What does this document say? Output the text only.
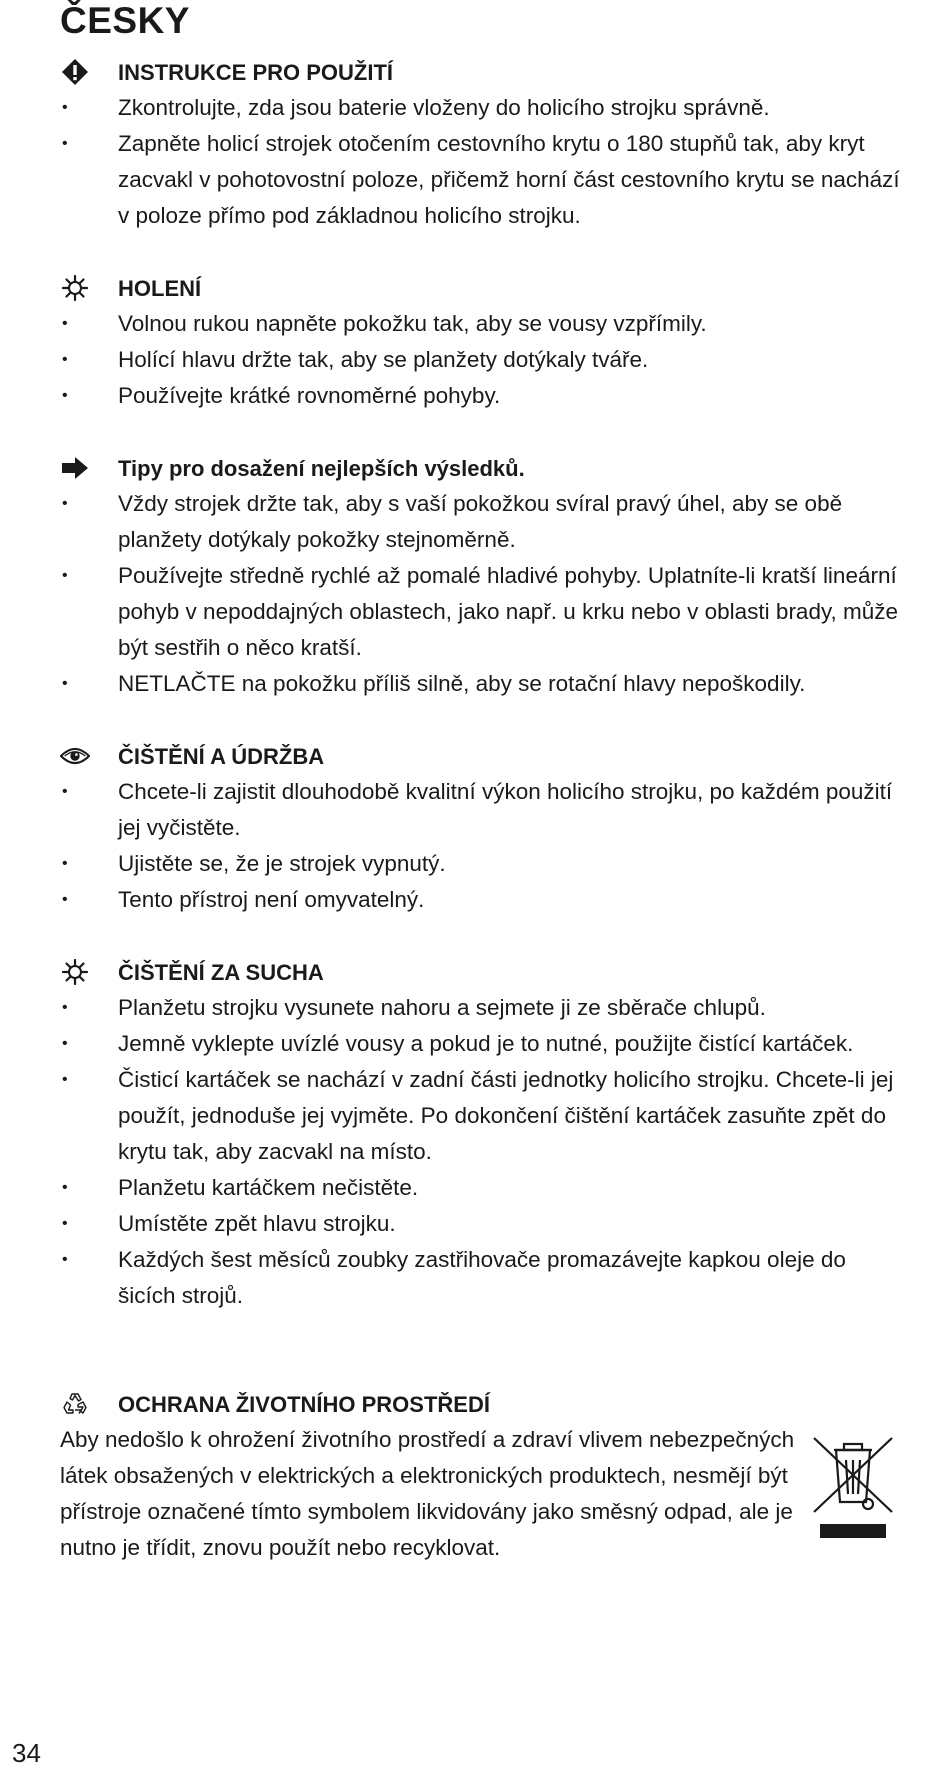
ČESKY
INSTRUKCE PRO POUŽITÍ
• Zkontrolujte, zda jsou baterie vloženy do holicího strojku správně.
• Zapněte holicí strojek otočením cestovního krytu o 180 stupňů tak, aby kryt zacvakl v pohotovostní poloze, přičemž horní část cestovního krytu se nachází v poloze přímo pod základnou holicího strojku.
HOLENÍ
• Volnou rukou napněte pokožku tak, aby se vousy vzpřímily.
• Holící hlavu držte tak, aby se planžety dotýkaly tváře.
• Používejte krátké rovnoměrné pohyby.
Tipy pro dosažení nejlepších výsledků.
• Vždy strojek držte tak, aby s vaší pokožkou svíral pravý úhel, aby se obě planžety dotýkaly pokožky stejnoměrně.
• Používejte středně rychlé až pomalé hladivé pohyby. Uplatníte-li kratší lineární pohyb v nepoddajných oblastech, jako např. u krku nebo v oblasti brady, může být sestřih o něco kratší.
• NETLAČTE na pokožku příliš silně, aby se rotační hlavy nepoškodily.
ČIŠTĚNÍ A ÚDRŽBA
• Chcete-li zajistit dlouhodobě kvalitní výkon holicího strojku, po každém použití jej vyčistěte.
• Ujistěte se, že je strojek vypnutý.
• Tento přístroj není omyvatelný.
ČIŠTĚNÍ ZA SUCHA
• Planžetu strojku vysunete nahoru a sejmete ji ze sběrače chlupů.
• Jemně vyklepte uvízlé vousy a pokud je to nutné, použijte čistící kartáček.
• Čisticí kartáček se nachází v zadní části jednotky holicího strojku. Chcete-li jej použít, jednoduše jej vyjměte. Po dokončení čištění kartáček zasuňte zpět do krytu tak, aby zacvakl na místo.
• Planžetu kartáčkem nečistěte.
• Umístěte zpět hlavu strojku.
• Každých šest měsíců zoubky zastřihovače promazávejte kapkou oleje do šicích strojů.
OCHRANA ŽIVOTNÍHO PROSTŘEDÍ

Aby nedošlo k ohrožení životního prostředí a zdraví vlivem nebezpečných látek obsažených v elektrických a elektronických produktech, nesmějí být přístroje označené tímto symbolem likvidovány jako směsný odpad, ale je nutno je třídit, znovu použít nebo recyklovat.

34
